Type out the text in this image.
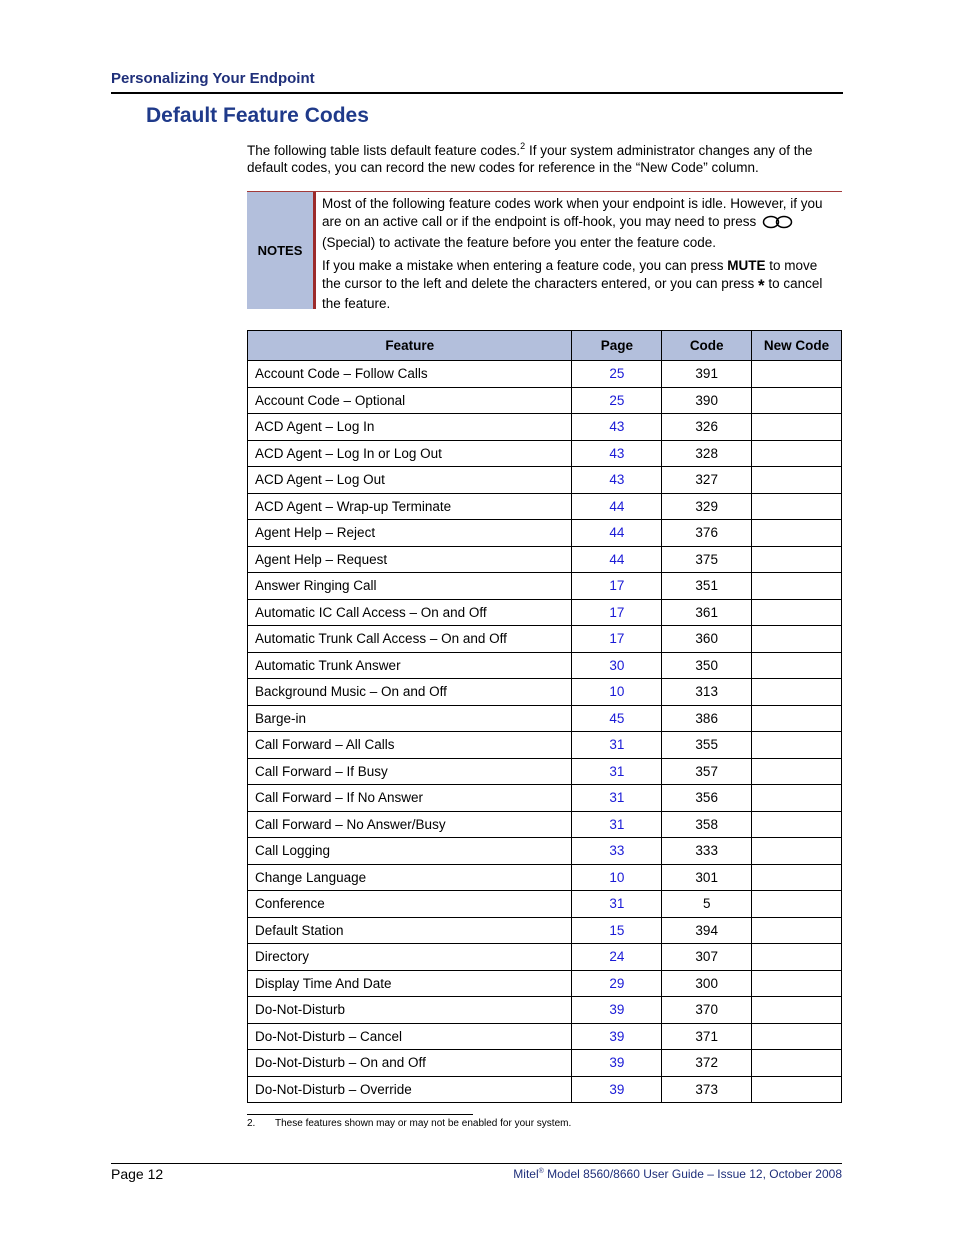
Personalizing Your Endpoint
Default Feature Codes
The following table lists default feature codes.$^2$ If your system administrator changes any of the default codes, you can record the new codes for reference in the “New Code” column.
NOTES

Most of the following feature codes work when your endpoint is idle. However, if you are on an active call or if the endpoint is off-hook, you may need to press  (Special) to activate the feature before you enter the feature code.

If you make a mistake when entering a feature code, you can press MUTE to move the cursor to the left and delete the characters entered, or you can press * to cancel the feature.

Feature	Page	Code	New Code
Account Code – Follow Calls	25	391	
Account Code – Optional	25	390	
ACD Agent – Log In	43	326	
ACD Agent – Log In or Log Out	43	328	
ACD Agent – Log Out	43	327	
ACD Agent – Wrap-up Terminate	44	329	
Agent Help – Reject	44	376	
Agent Help – Request	44	375	
Answer Ringing Call	17	351	
Automatic IC Call Access – On and Off	17	361	
Automatic Trunk Call Access – On and Off	17	360	
Automatic Trunk Answer	30	350	
Background Music – On and Off	10	313	
Barge-in	45	386	
Call Forward – All Calls	31	355	
Call Forward – If Busy	31	357	
Call Forward – If No Answer	31	356	
Call Forward – No Answer/Busy	31	358	
Call Logging	33	333	
Change Language	10	301	
Conference	31	5	
Default Station	15	394	
Directory	24	307	
Display Time And Date	29	300	
Do-Not-Disturb	39	370	
Do-Not-Disturb – Cancel	39	371	
Do-Not-Disturb – On and Off	39	372	
Do-Not-Disturb – Override	39	373	
2. These features shown may or may not be enabled for your system.
Page 12	Mitel® Model 8560/8660 User Guide – Issue 12, October 2008
